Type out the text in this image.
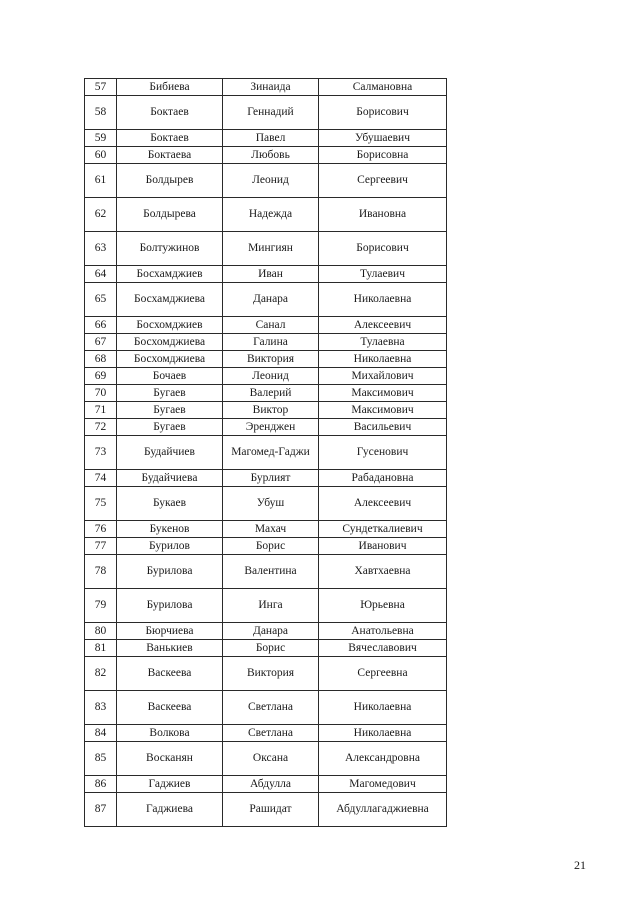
57	Бибиева	Зинаида	Салмановна
58	Боктаев	Геннадий	Борисович
59	Боктаев	Павел	Убушаевич
60	Боктаева	Любовь	Борисовна
61	Болдырев	Леонид	Сергеевич
62	Болдырева	Надежда	Ивановна
63	Болтужинов	Мингиян	Борисович
64	Босхамджиев	Иван	Тулаевич
65	Босхамджиева	Данара	Николаевна
66	Босхомджиев	Санал	Алексеевич
67	Босхомджиева	Галина	Тулаевна
68	Босхомджиева	Виктория	Николаевна
69	Бочаев	Леонид	Михайлович
70	Бугаев	Валерий	Максимович
71	Бугаев	Виктор	Максимович
72	Бугаев	Эренджен	Васильевич
73	Будайчиев	Магомед-Гаджи	Гусенович
74	Будайчиева	Бурлият	Рабадановна
75	Букаев	Убуш	Алексеевич
76	Букенов	Махач	Сундеткалиевич
77	Бурилов	Борис	Иванович
78	Бурилова	Валентина	Хавтхаевна
79	Бурилова	Инга	Юрьевна
80	Бюрчиева	Данара	Анатольевна
81	Ванькиев	Борис	Вячеславович
82	Васкеева	Виктория	Сергеевна
83	Васкеева	Светлана	Николаевна
84	Волкова	Светлана	Николаевна
85	Восканян	Оксана	Александровна
86	Гаджиев	Абдулла	Магомедович
87	Гаджиева	Рашидат	Абдуллагаджиевна
21
